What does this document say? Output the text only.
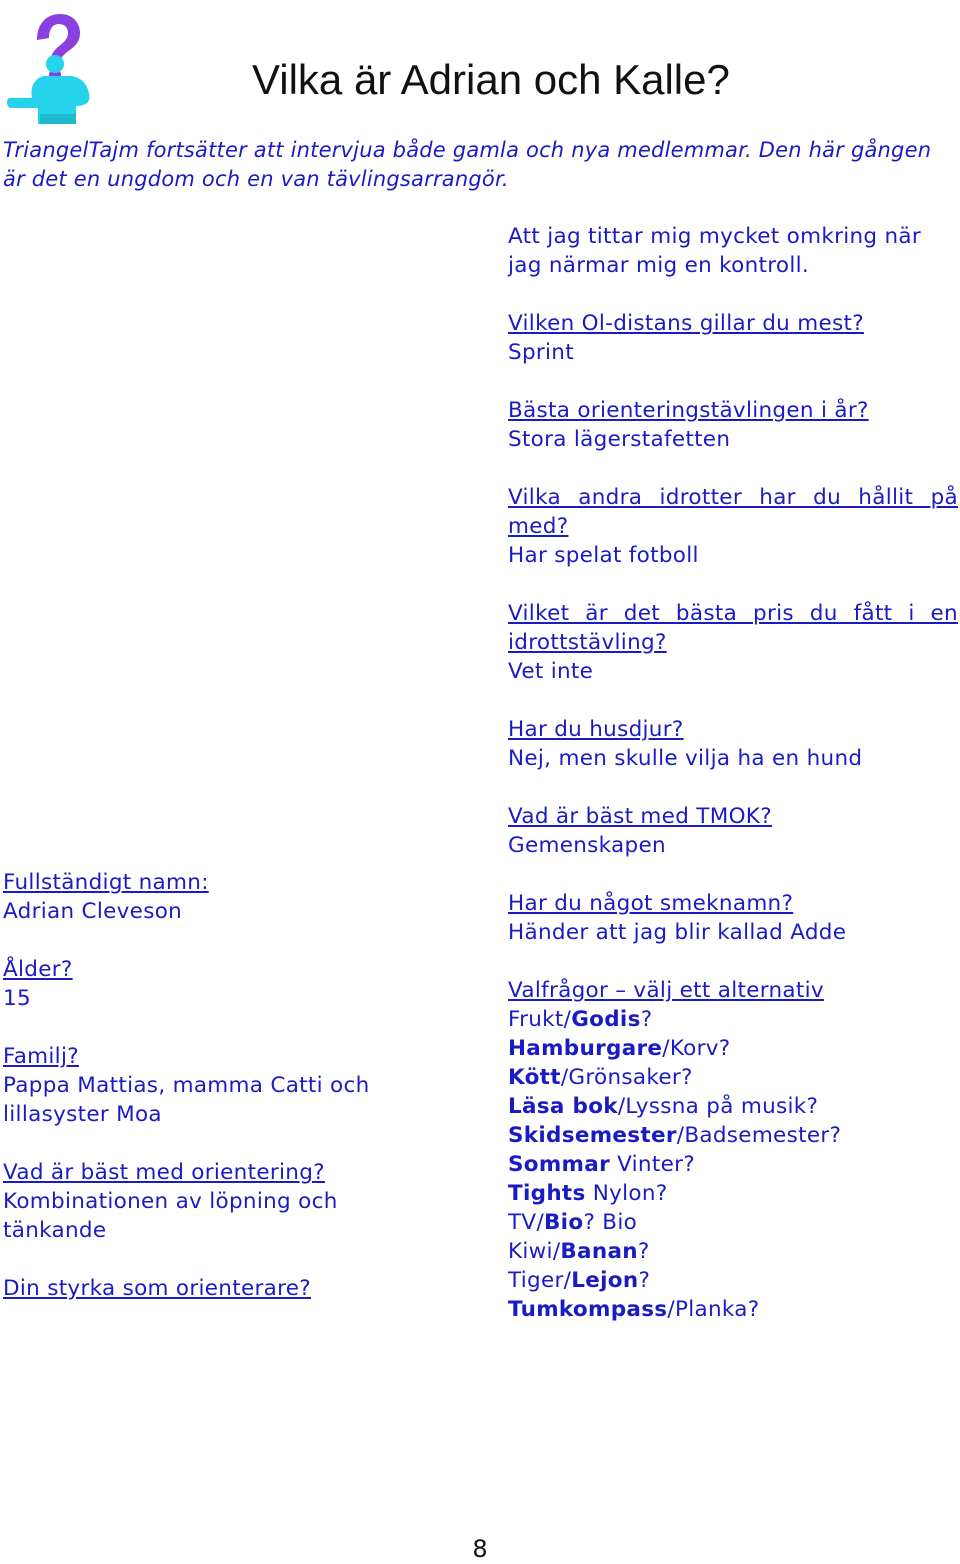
Vilka är Adrian och Kalle?
TriangelTajm fortsätter att intervjua både gamla och nya medlemmar. Den här gången är det en ungdom och en van tävlingsarrangör.
Fullständigt namn:
Adrian Cleveson
Ålder?
15
Familj?
Pappa Mattias, mamma Catti och lillasyster Moa
Vad är bäst med orientering?
Kombinationen av löpning och tänkande
Din styrka som orienterare?
Att jag tittar mig mycket omkring när jag närmar mig en kontroll.
Vilken Ol-distans gillar du mest?
Sprint
Bästa orienteringstävlingen i år?
Stora lägerstafetten
Vilka andra idrotter har du hållit på med?
Har spelat fotboll
Vilket är det bästa pris du fått i en idrottstävling?
Vet inte
Har du husdjur?
Nej, men skulle vilja ha en hund
Vad är bäst med TMOK?
Gemenskapen
Har du något smeknamn?
Händer att jag blir kallad Adde
Valfrågor – välj ett alternativ
Frukt/Godis?
Hamburgare/Korv?
Kött/Grönsaker?
Läsa bok/Lyssna på musik?
Skidsemester/Badsemester?
Sommar Vinter?
Tights Nylon?
TV/Bio? Bio
Kiwi/Banan?
Tiger/Lejon?
Tumkompass/Planka?
8
